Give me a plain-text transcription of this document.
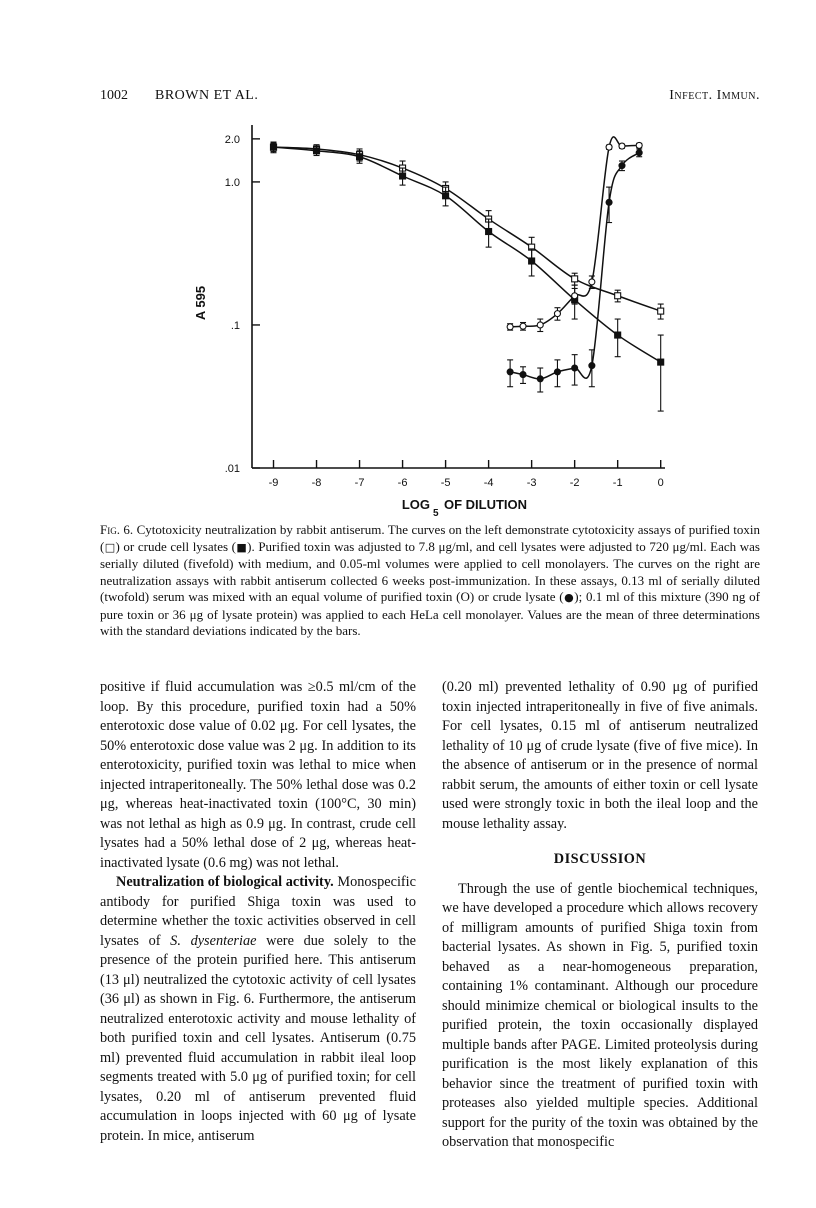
1002 BROWN ET AL.	Infect. Immun.
.01
.1
1.0
2.0
-9	-8	-7	-6	-5	-4	-3	-2	-1	0
A 595
LOG
5
OF DILUTION
Fig. 6. Cytotoxicity neutralization by rabbit antiserum. The curves on the left demonstrate cytotoxicity assays of purified toxin (□) or crude cell lysates (■). Purified toxin was adjusted to 7.8 μg/ml, and cell lysates were adjusted to 720 μg/ml. Each was serially diluted (fivefold) with medium, and 0.05-ml volumes were applied to cell monolayers. The curves on the right are neutralization assays with rabbit antiserum collected 6 weeks post-immunization. In these assays, 0.13 ml of serially diluted (twofold) serum was mixed with an equal volume of purified toxin (O) or crude lysate (●); 0.1 ml of this mixture (390 ng of pure toxin or 36 μg of lysate protein) was applied to each HeLa cell monolayer. Values are the mean of three determinations with the standard deviations indicated by the bars.

positive if fluid accumulation was ≥0.5 ml/cm of the loop. By this procedure, purified toxin had a 50% enterotoxic dose value of 0.02 μg. For cell lysates, the 50% enterotoxic dose value was 2 μg. In addition to its enterotoxicity, purified toxin was lethal to mice when injected intraperitoneally. The 50% lethal dose was 0.2 μg, whereas heat-inactivated toxin (100°C, 30 min) was not lethal as high as 0.9 μg. In contrast, crude cell lysates had a 50% lethal dose of 2 μg, whereas heat-inactivated lysate (0.6 mg) was not lethal.

Neutralization of biological activity. Monospecific antibody for purified Shiga toxin was used to determine whether the toxic activities observed in cell lysates of S. dysenteriae were due solely to the presence of the protein purified here. This antiserum (13 μl) neutralized the cytotoxic activity of cell lysates (36 μl) as shown in Fig. 6. Furthermore, the antiserum neutralized enterotoxic activity and mouse lethality of both purified toxin and cell lysates. Antiserum (0.75 ml) prevented fluid accumulation in rabbit ileal loop segments treated with 5.0 μg of purified toxin; for cell lysates, 0.20 ml of antiserum prevented fluid accumulation in loops injected with 60 μg of lysate protein. In mice, antiserum

(0.20 ml) prevented lethality of 0.90 μg of purified toxin injected intraperitoneally in five of five animals. For cell lysates, 0.15 ml of antiserum neutralized lethality of 10 μg of crude lysate (five of five mice). In the absence of antiserum or in the presence of normal rabbit serum, the amounts of either toxin or cell lysate used were strongly toxic in both the ileal loop and the mouse lethality assay.

DISCUSSION

Through the use of gentle biochemical techniques, we have developed a procedure which allows recovery of milligram amounts of purified Shiga toxin from bacterial lysates. As shown in Fig. 5, purified toxin behaved as a near-homogeneous preparation, containing 1% contaminant. Although our procedure should minimize chemical or biological insults to the purified protein, the toxin occasionally displayed multiple bands after PAGE. Limited proteolysis during purification is the most likely explanation of this behavior since the treatment of purified toxin with proteases also yielded multiple species. Additional support for the purity of the toxin was obtained by the observation that monospecific
